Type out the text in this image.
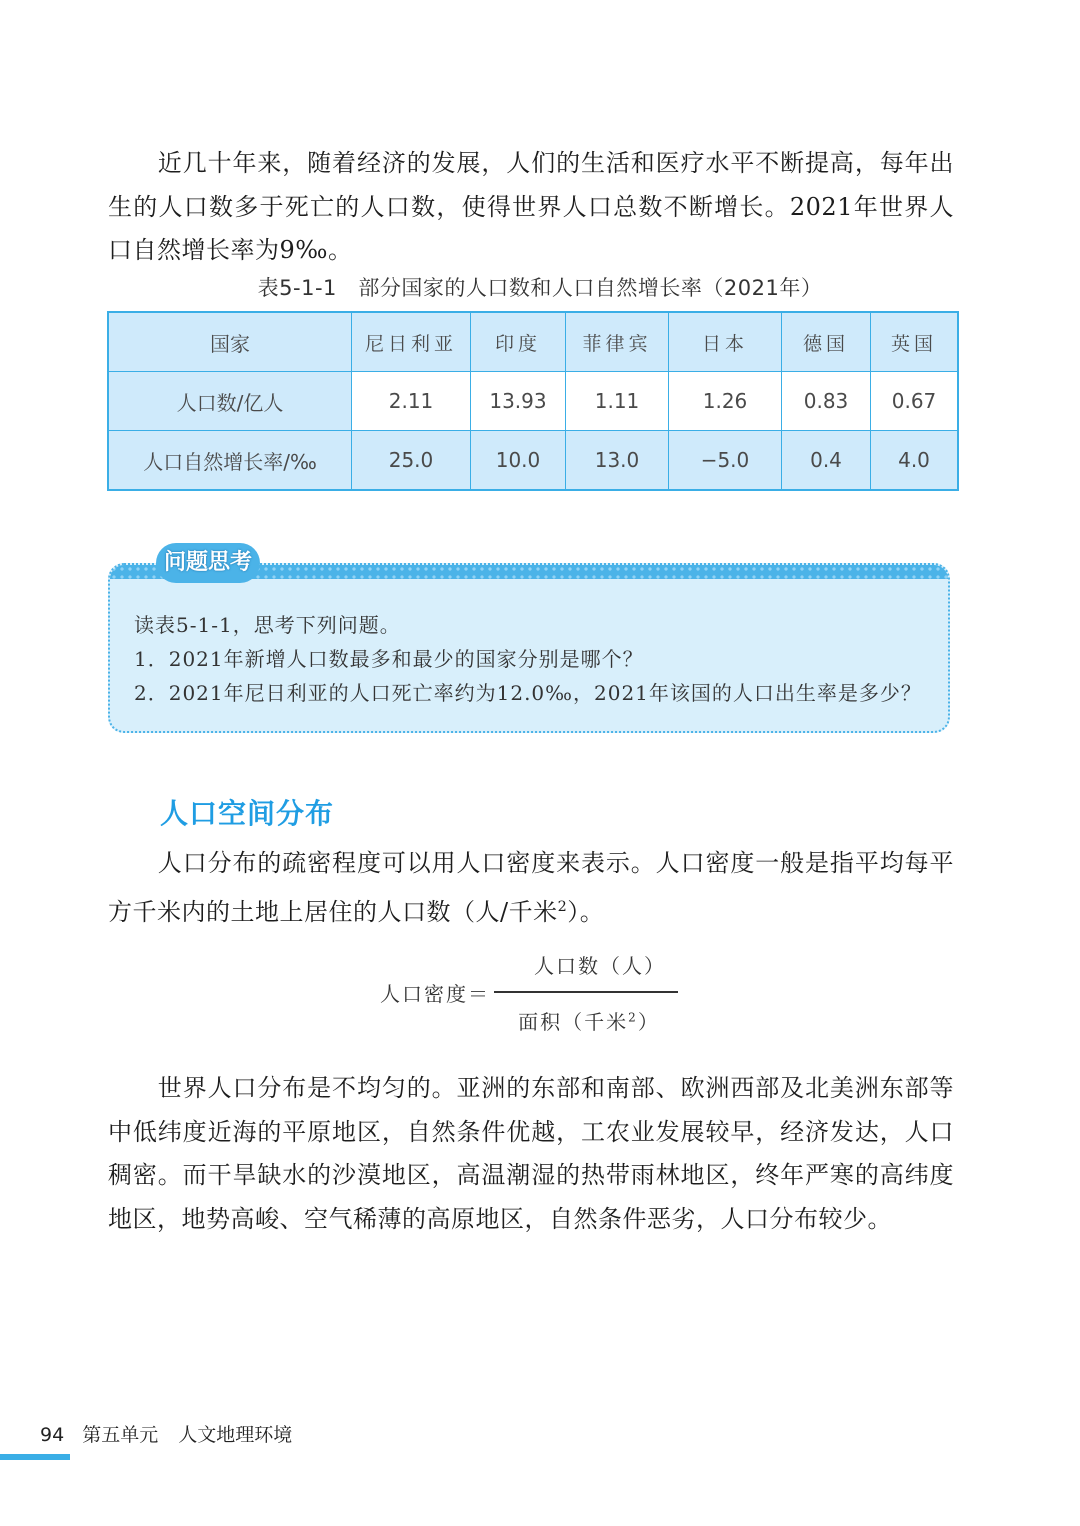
　　近几十年来，随着经济的发展，人们的生活和医疗水平不断提高，每年出生的人口数多于死亡的人口数，使得世界人口总数不断增长。2021年世界人口自然增长率为9‰。

表5-1-1　部分国家的人口数和人口自然增长率（2021年）
国家	尼日利亚	印度	菲律宾	日本	德国	英国
人口数/亿人	2.11	13.93	1.11	1.26	0.83	0.67
人口自然增长率/‰	25.0	10.0	13.0	−5.0	0.4	4.0
问题思考
读表5-1-1，思考下列问题。
1．2021年新增人口数最多和最少的国家分别是哪个？
2．2021年尼日利亚的人口死亡率约为12.0‰，2021年该国的人口出生率是多少？
人口空间分布

　　人口分布的疏密程度可以用人口密度来表示。人口密度一般是指平均每平方千米内的土地上居住的人口数（人/千米$^2$）。

人口密度＝
人口数（人）
面积（千米$^2$）

　　世界人口分布是不均匀的。亚洲的东部和南部、欧洲西部及北美洲东部等中低纬度近海的平原地区，自然条件优越，工农业发展较早，经济发达，人口稠密。而干旱缺水的沙漠地区，高温潮湿的热带雨林地区，终年严寒的高纬度地区，地势高峻、空气稀薄的高原地区，自然条件恶劣，人口分布较少。

94 第五单元 人文地理环境
